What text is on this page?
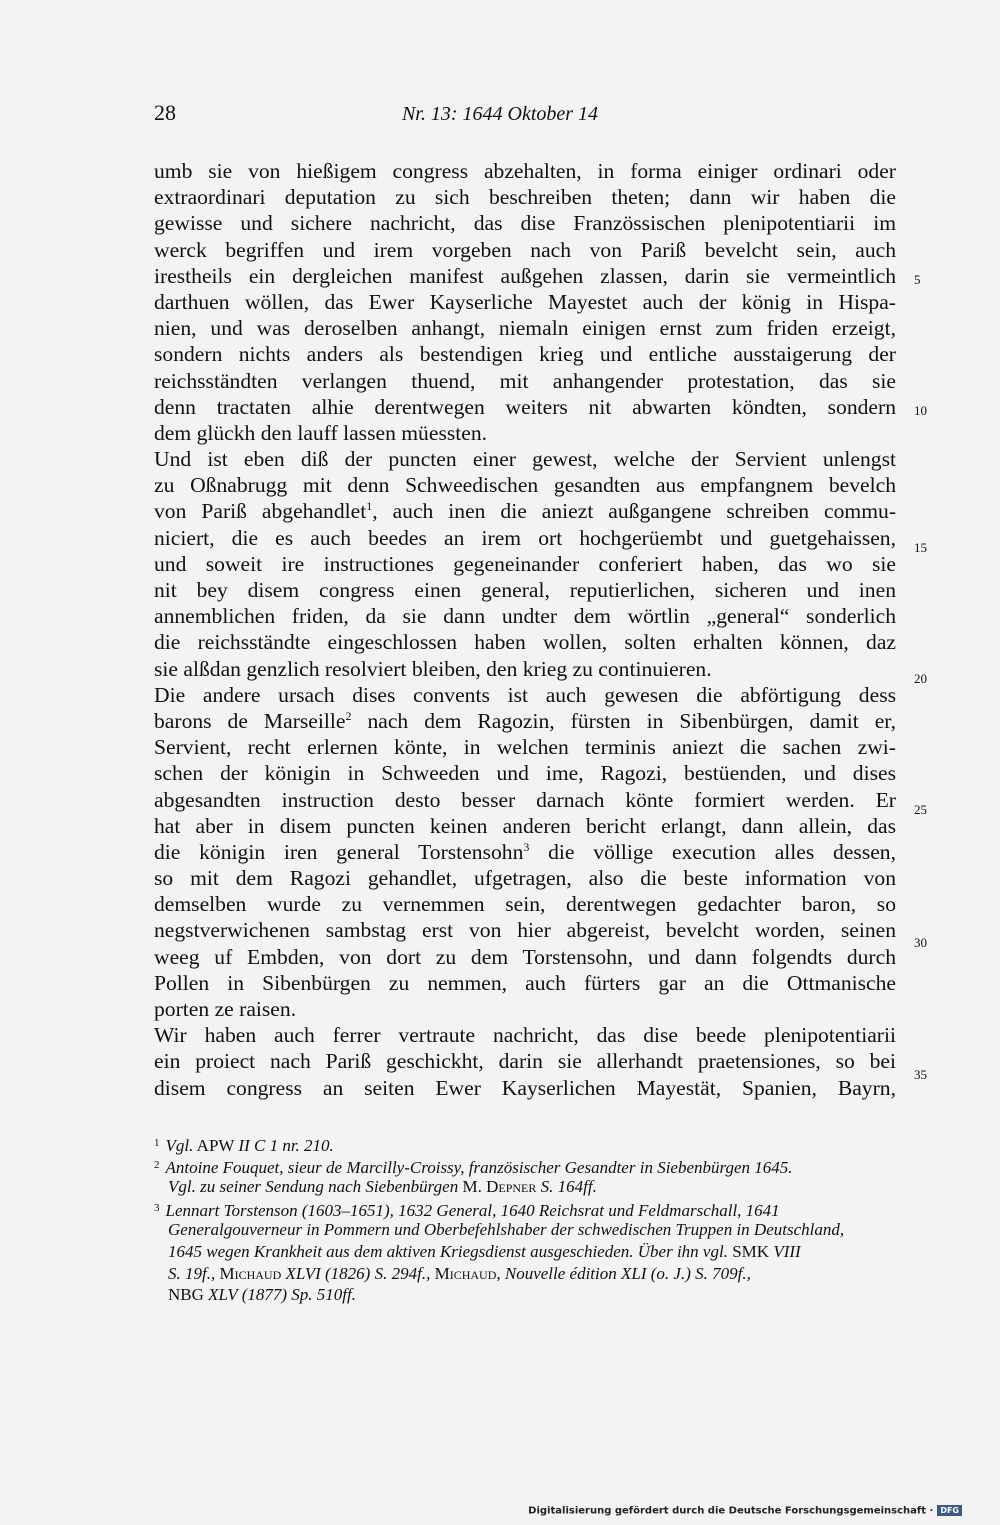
28	Nr. 13: 1644 Oktober 14
umb sie von hießigem congress abzehalten, in forma einiger ordinari oder
extraordinari deputation zu sich beschreiben theten; dann wir haben die
gewisse und sichere nachricht, das dise Französsischen plenipotentiarii im
werck begriffen und irem vorgeben nach von Pariß bevelcht sein, auch
irestheils ein dergleichen manifest außgehen zlassen, darin sie vermeintlich
darthuen wöllen, das Ewer Kayserliche Mayestet auch der könig in Hispa-
nien, und was deroselben anhangt, niemaln einigen ernst zum friden erzeigt,
sondern nichts anders als bestendigen krieg und entliche ausstaigerung der
reichsständten verlangen thuend, mit anhangender protestation, das sie
denn tractaten alhie derentwegen weiters nit abwarten köndten, sondern
dem glückh den lauff lassen müessten.
Und ist eben diß der puncten einer gewest, welche der Servient unlengst
zu Oßnabrugg mit denn Schweedischen gesandten aus empfangnem bevelch
von Pariß abgehandlet$^1$, auch inen die aniezt außgangene schreiben commu-
niciert, die es auch beedes an irem ort hochgerüembt und guetgehaissen,
und soweit ire instructiones gegeneinander conferiert haben, das wo sie
nit bey disem congress einen general, reputierlichen, sicheren und inen
annemblichen friden, da sie dann undter dem wörtlin „general“ sonderlich
die reichsständte eingeschlossen haben wollen, solten erhalten können, daz
sie alßdan genzlich resolviert bleiben, den krieg zu continuieren.
Die andere ursach dises convents ist auch gewesen die abförtigung dess
barons de Marseille$^2$ nach dem Ragozin, fürsten in Sibenbürgen, damit er,
Servient, recht erlernen könte, in welchen terminis aniezt die sachen zwi-
schen der königin in Schweeden und ime, Ragozi, bestüenden, und dises
abgesandten instruction desto besser darnach könte formiert werden. Er
hat aber in disem puncten keinen anderen bericht erlangt, dann allein, das
die königin iren general Torstensohn$^3$ die völlige execution alles dessen,
so mit dem Ragozi gehandlet, ufgetragen, also die beste information von
demselben wurde zu vernemmen sein, derentwegen gedachter baron, so
negstverwichenen sambstag erst von hier abgereist, bevelcht worden, seinen
weeg uf Embden, von dort zu dem Torstensohn, und dann folgendts durch
Pollen in Sibenbürgen zu nemmen, auch fürters gar an die Ottmanische
porten ze raisen.
Wir haben auch ferrer vertraute nachricht, das dise beede plenipotentiarii
ein proiect nach Pariß geschickht, darin sie allerhandt praetensiones, so bei
disem congress an seiten Ewer Kayserlichen Mayestät, Spanien, Bayrn,
5
10
15
20
25
30
35
$^1$ Vgl. APW II C 1 nr. 210.
$^2$ Antoine Fouquet, sieur de Marcilly-Croissy, französischer Gesandter in Siebenbürgen 1645.
Vgl. zu seiner Sendung nach Siebenbürgen M. Depner S. 164ff.
$^3$ Lennart Torstenson (1603–1651), 1632 General, 1640 Reichsrat und Feldmarschall, 1641
Generalgouverneur in Pommern und Oberbefehlshaber der schwedischen Truppen in Deutschland,
1645 wegen Krankheit aus dem aktiven Kriegsdienst ausgeschieden. Über ihn vgl. SMK VIII
S. 19f., Michaud XLVI (1826) S. 294f., Michaud, Nouvelle édition XLI (o. J.) S. 709f.,
NBG XLV (1877) Sp. 510ff.
Digitalisierung gefördert durch die Deutsche Forschungsgemeinschaft · DFG
